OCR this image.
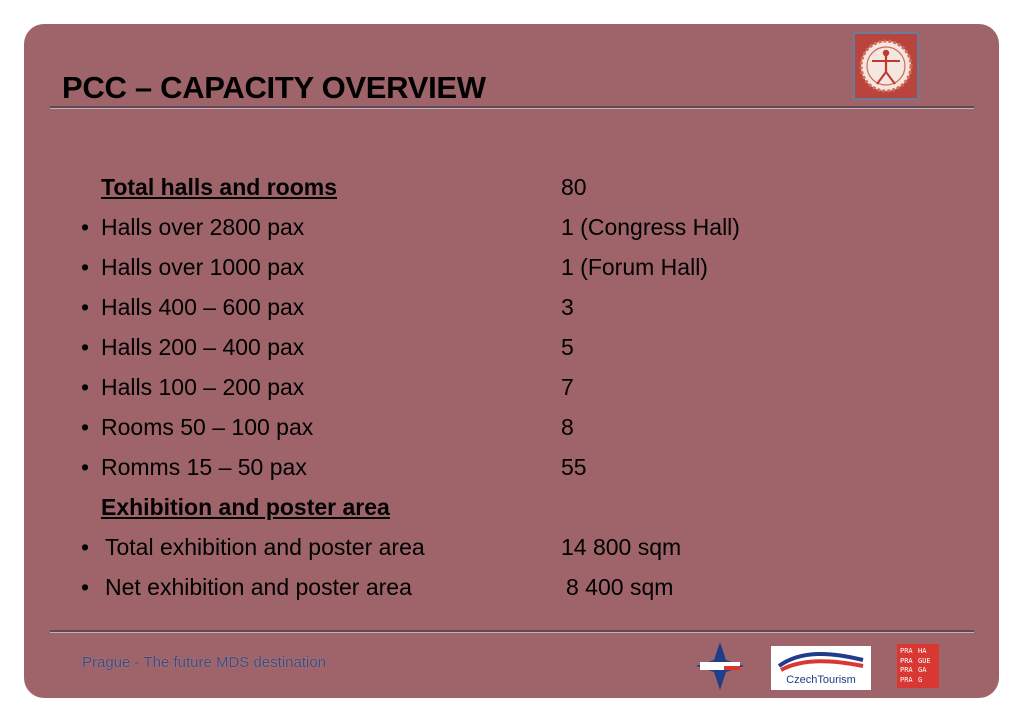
PCC – CAPACITY OVERVIEW
Total halls and rooms	80
• Halls over 2800 pax	1 (Congress Hall)
• Halls over 1000 pax	1 (Forum Hall)
• Halls 400 – 600 pax	3
• Halls 200 – 400 pax	5
• Halls 100 – 200 pax	7
• Rooms 50 – 100 pax	8
• Romms 15 – 50 pax	55
Exhibition and poster area
• Total exhibition and poster area	14 800 sqm
• Net exhibition and poster area	8 400 sqm
Prague - The future MDS destination
CzechTourism
PRA HA
PRA GUE
PRA GA
PRA G
